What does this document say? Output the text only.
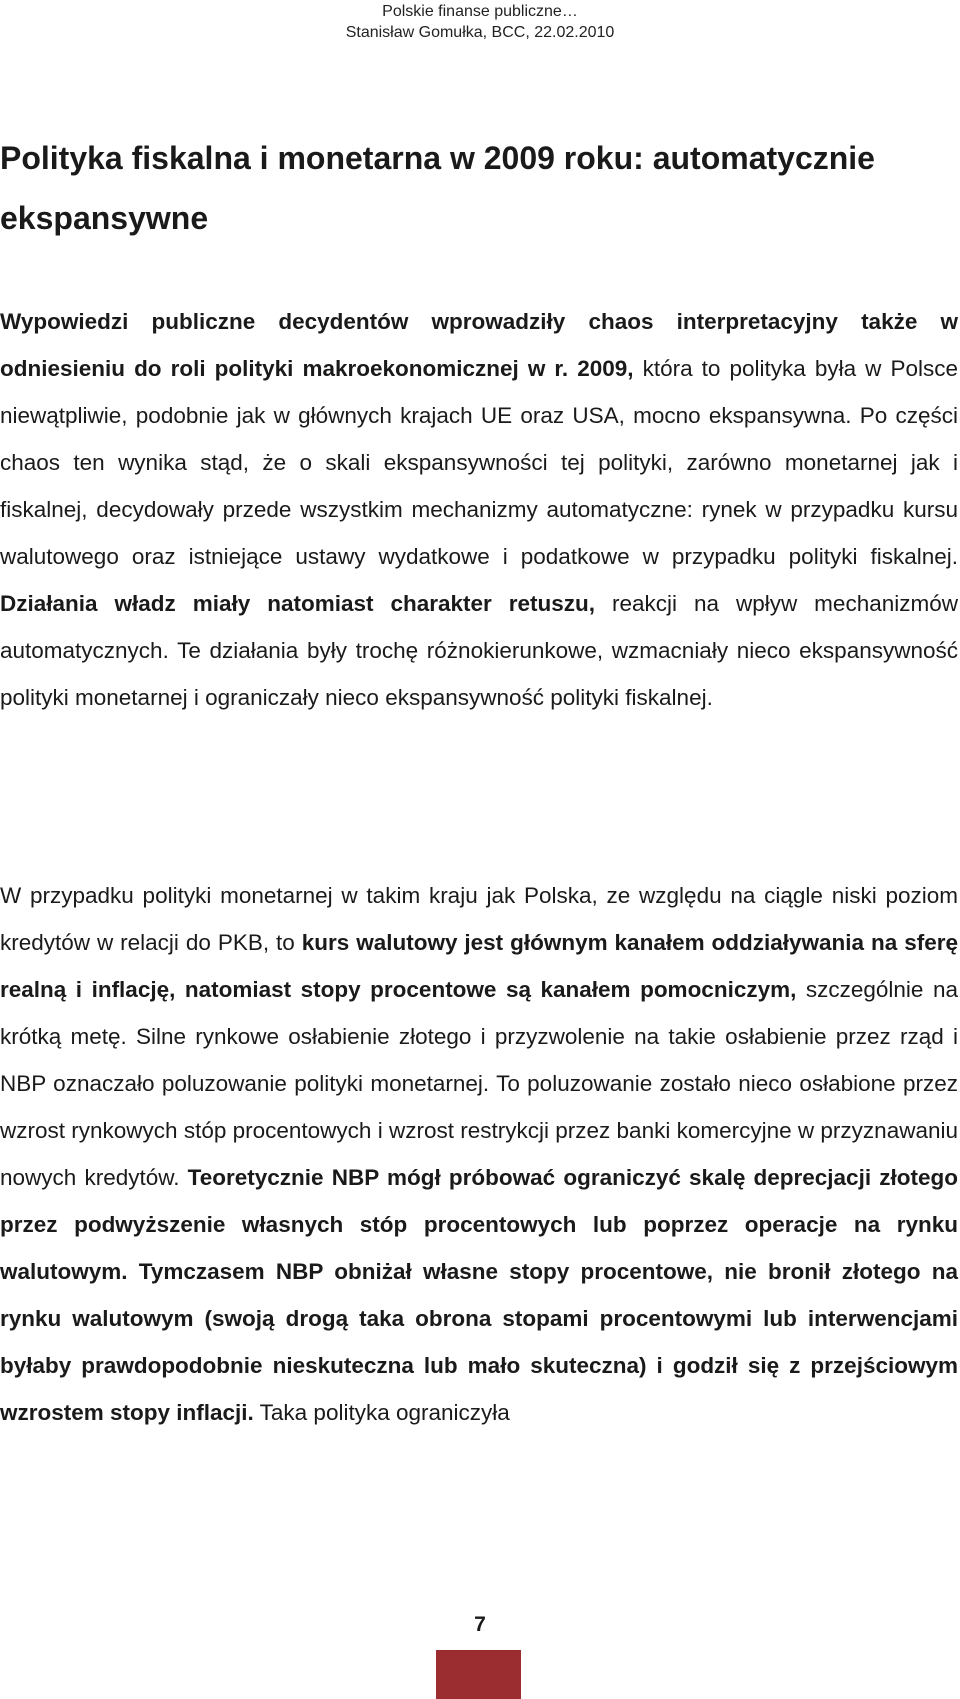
Polskie finanse publiczne…
Stanisław Gomułka, BCC, 22.02.2010
Polityka fiskalna i monetarna w 2009 roku: automatycznie ekspansywne

Wypowiedzi publiczne decydentów wprowadziły chaos interpretacyjny także w odniesieniu do roli polityki makroekonomicznej w r. 2009, która to polityka była w Polsce niewątpliwie, podobnie jak w głównych krajach UE oraz USA, mocno ekspansywna. Po części chaos ten wynika stąd, że o skali ekspansywności tej polityki, zarówno monetarnej jak i fiskalnej, decydowały przede wszystkim mechanizmy automatyczne: rynek w przypadku kursu walutowego oraz istniejące ustawy wydatkowe i podatkowe w przypadku polityki fiskalnej. Działania władz miały natomiast charakter retuszu, reakcji na wpływ mechanizmów automatycznych. Te działania były trochę różnokierunkowe, wzmacniały nieco ekspansywność polityki monetarnej i ograniczały nieco ekspansywność polityki fiskalnej.

W przypadku polityki monetarnej w takim kraju jak Polska, ze względu na ciągle niski poziom kredytów w relacji do PKB, to kurs walutowy jest głównym kanałem oddziaływania na sferę realną i inflację, natomiast stopy procentowe są kanałem pomocniczym, szczególnie na krótką metę. Silne rynkowe osłabienie złotego i przyzwolenie na takie osłabienie przez rząd i NBP oznaczało poluzowanie polityki monetarnej. To poluzowanie zostało nieco osłabione przez wzrost rynkowych stóp procentowych i wzrost restrykcji przez banki komercyjne w przyznawaniu nowych kredytów. Teoretycznie NBP mógł próbować ograniczyć skalę deprecjacji złotego przez podwyższenie własnych stóp procentowych lub poprzez operacje na rynku walutowym. Tymczasem NBP obniżał własne stopy procentowe, nie bronił złotego na rynku walutowym (swoją drogą taka obrona stopami procentowymi lub interwencjami byłaby prawdopodobnie nieskuteczna lub mało skuteczna) i godził się z przejściowym wzrostem stopy inflacji. Taka polityka ograniczyła

7
